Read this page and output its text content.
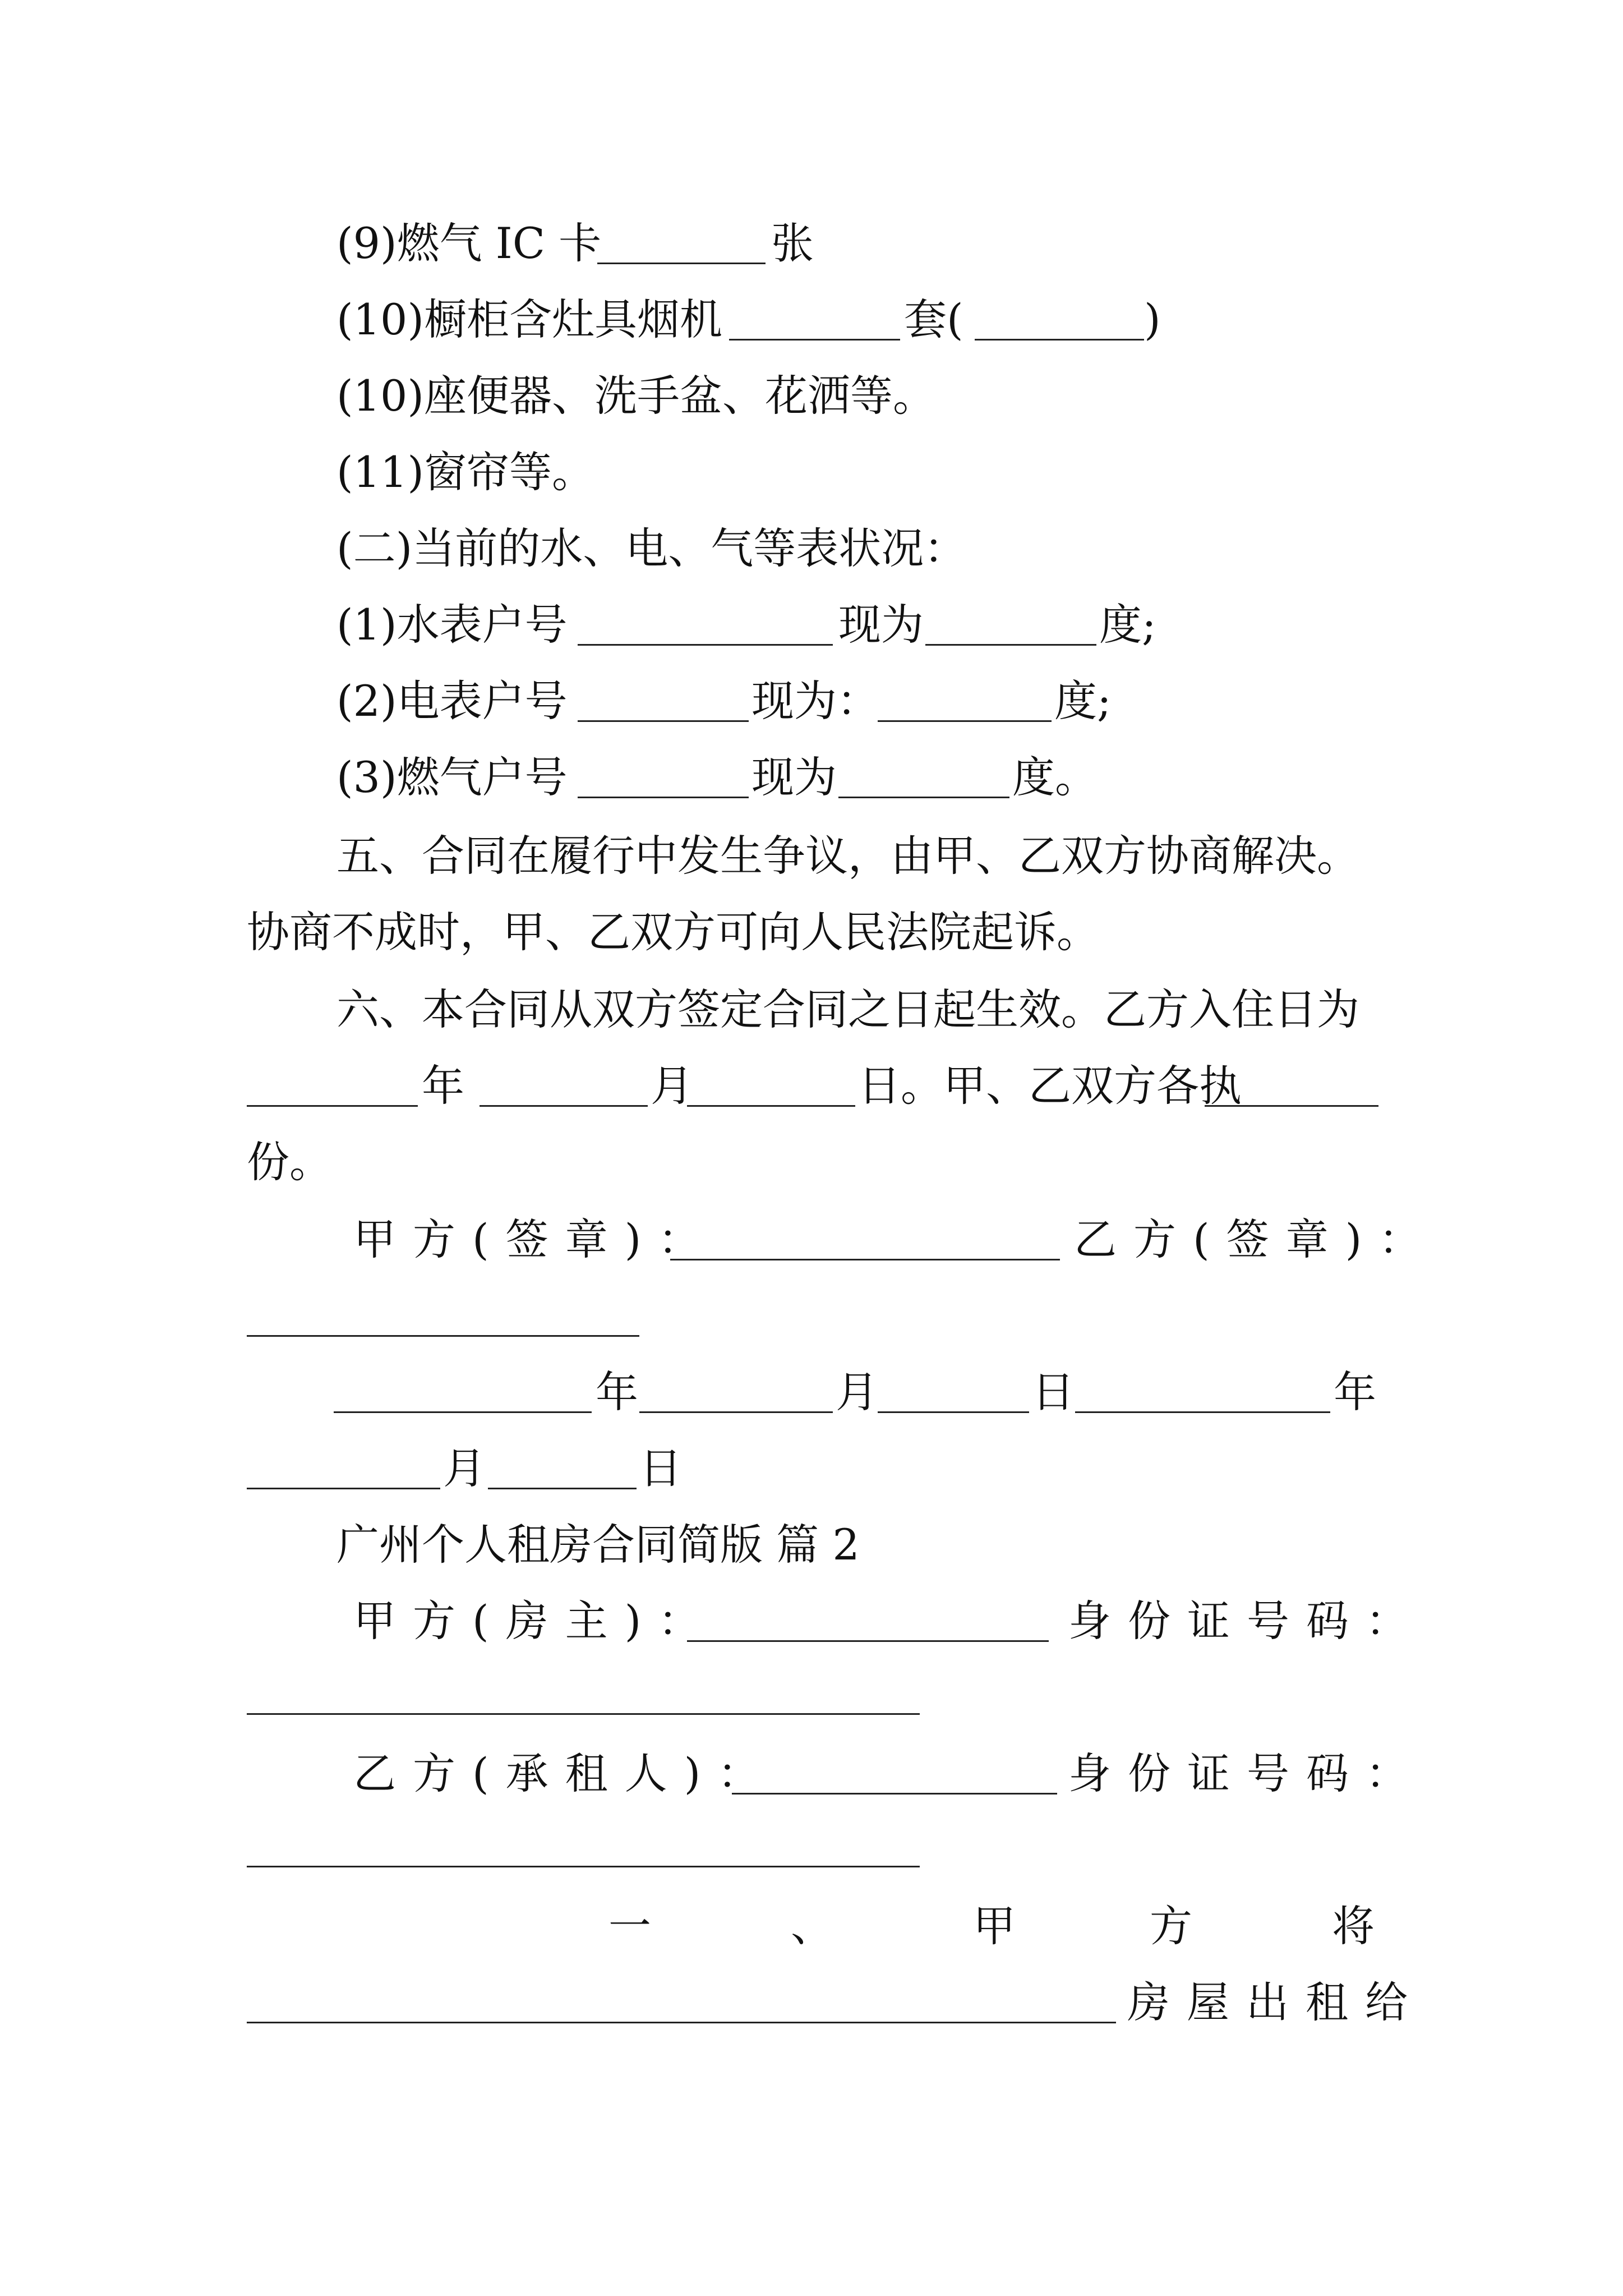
(9)燃气 IC 卡	张
(10)橱柜含灶具烟机	套(	)
(10)座便器、洗手盆、花洒等。
(11)窗帘等。
(二)当前的水、电、气等表状况：
(1)水表户号	现为	度;
(2)电表户号	现为：	度;
(3)燃气户号	现为	度。
五、合同在履行中发生争议，由甲、乙双方协商解决。
协商不成时，甲、乙双方可向人民法院起诉。
六、本合同从双方签定合同之日起生效。乙方入住日为
年	月	日。甲、乙双方各执
份。
甲方(签章)：	乙方(签章)：
年	月	日	年
月	日
广州个人租房合同简版 篇 2
甲方(房主)：	身份证号码：
乙方(承租人)：	身份证号码：
一	、	甲	方	将
房屋出租给
